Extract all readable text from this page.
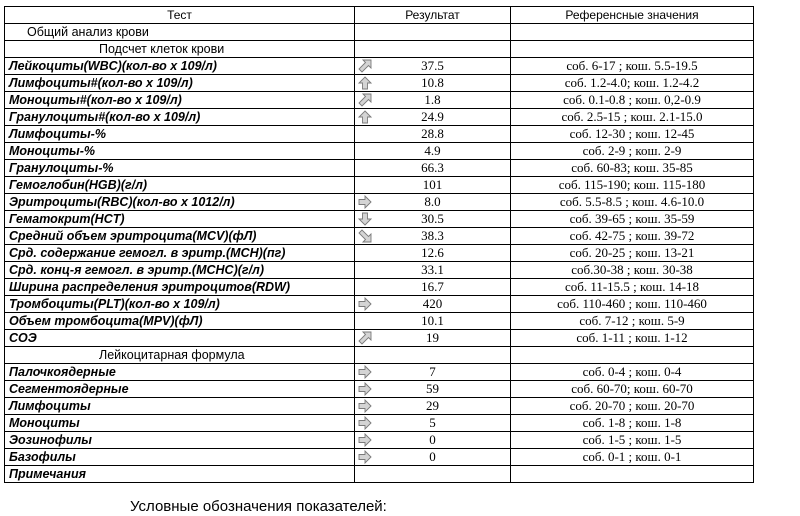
Тест	Результат	Референсные значения
Общий анализ крови		
Подсчет клеток крови		
Лейкоциты(WBC)(кол-во x 109/л)	37.5	соб. 6-17 ; кош. 5.5-19.5
Лимфоциты#(кол-во x 109/л)	10.8	соб. 1.2-4.0; кош. 1.2-4.2
Моноциты#(кол-во x 109/л)	1.8	соб. 0.1-0.8 ; кош. 0,2-0.9
Гранулоциты#(кол-во x 109/л)	24.9	соб. 2.5-15 ; кош. 2.1-15.0
Лимфоциты-%	28.8	соб. 12-30 ; кош. 12-45
Моноциты-%	4.9	соб. 2-9 ; кош. 2-9
Гранулоциты-%	66.3	соб. 60-83; кош. 35-85
Гемоглобин(HGB)(г/л)	101	соб. 115-190; кош. 115-180
Эритроциты(RBC)(кол-во x 1012/л)	8.0	соб. 5.5-8.5 ; кош. 4.6-10.0
Гематокрит(HCT)	30.5	соб. 39-65 ; кош. 35-59
Средний объем эритроцита(MCV)(фЛ)	38.3	соб. 42-75 ; кош. 39-72
Срд. содержание гемогл. в эритр.(MCH)(пг)	12.6	соб. 20-25 ; кош. 13-21
Срд. конц-я гемогл. в эритр.(MCHC)(г/л)	33.1	соб.30-38 ; кош. 30-38
Ширина распределения эритроцитов(RDW)	16.7	соб. 11-15.5 ; кош. 14-18
Тромбоциты(PLT)(кол-во x 109/л)	420	соб. 110-460 ; кош. 110-460
Объем тромбоцита(MPV)(фЛ)	10.1	соб. 7-12 ; кош. 5-9
СОЭ	19	соб. 1-11 ; кош. 1-12
Лейкоцитарная формула		
Палочкоядерные	7	соб. 0-4 ; кош. 0-4
Сегментоядерные	59	соб. 60-70; кош. 60-70
Лимфоциты	29	соб. 20-70 ; кош. 20-70
Моноциты	5	соб. 1-8 ; кош. 1-8
Эозинофилы	0	соб. 1-5 ; кош. 1-5
Базофилы	0	соб. 0-1 ; кош. 0-1
Примечания	

Условные обозначения показателей:
